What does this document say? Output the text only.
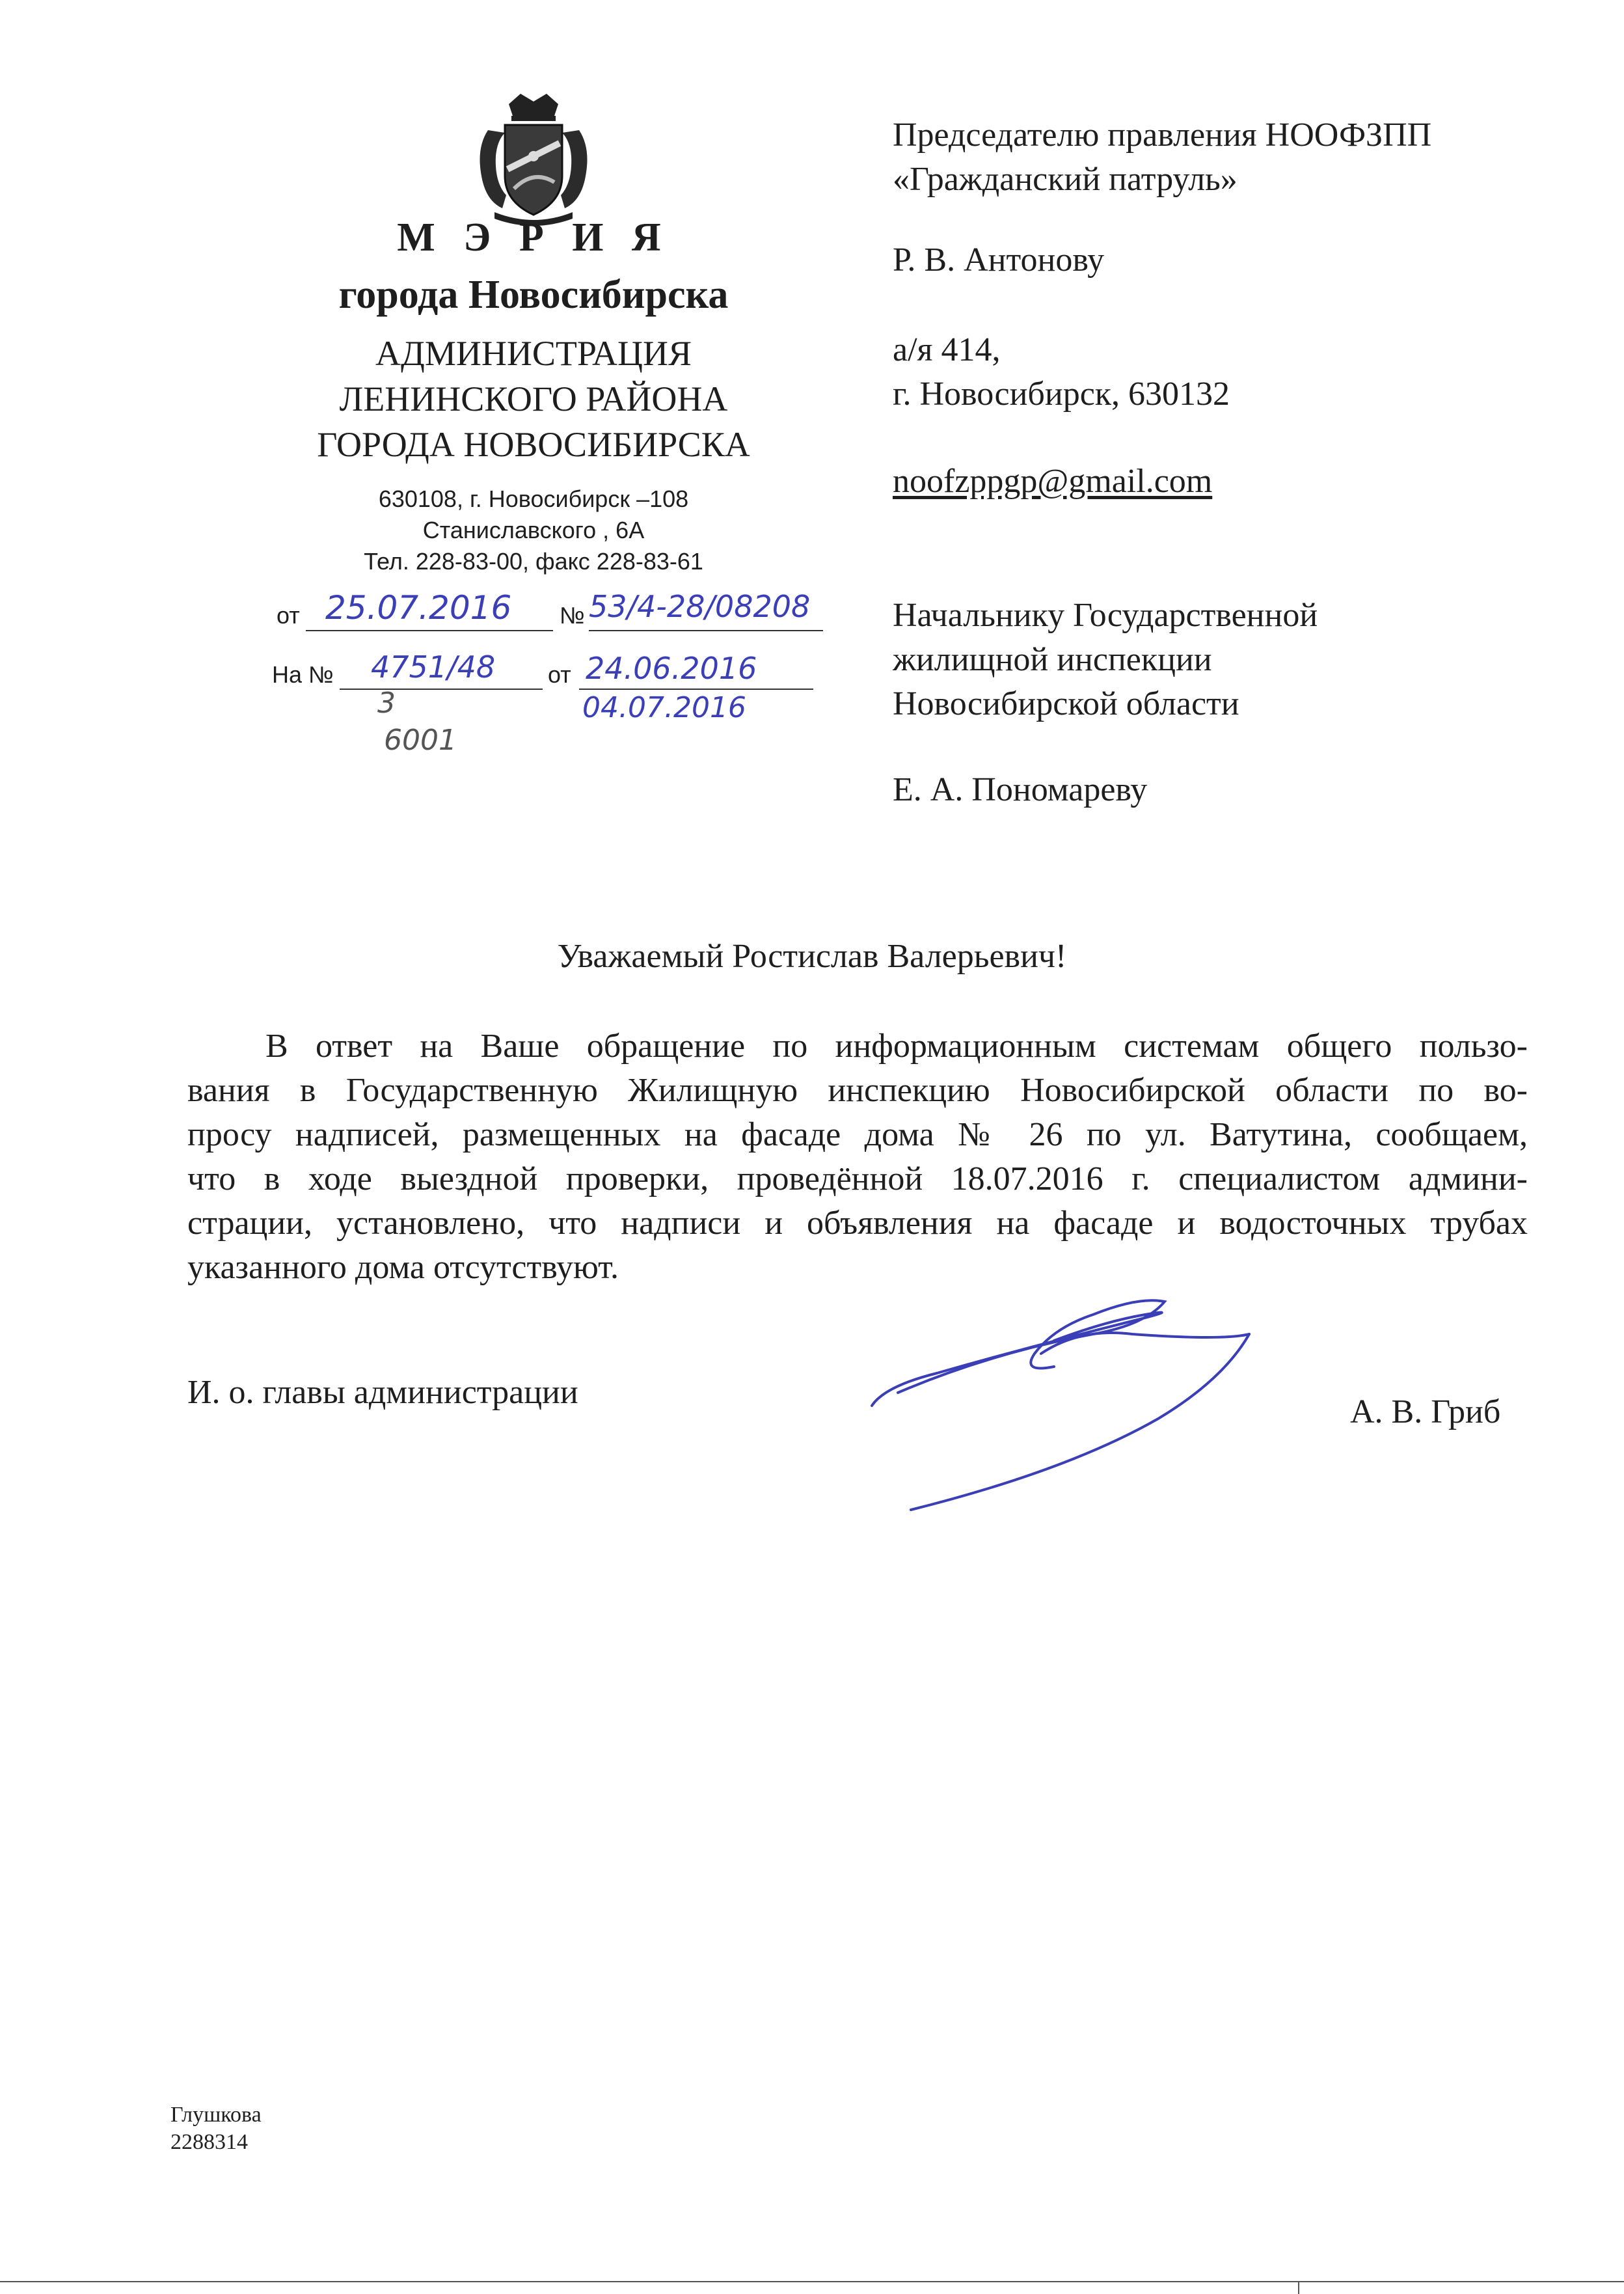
М Э Р И Я
города Новосибирска
АДМИНИСТРАЦИЯ
ЛЕНИНСКОГО РАЙОНА
ГОРОДА НОВОСИБИРСКА
630108, г. Новосибирск –108
Станиславского , 6А
Тел. 228-83-00, факс 228-83-61
от 25.07.2016 № 53/4-28/08208
На № 4751/48 от 24.06.2016
04.07.2016
3
6001
Председателю правления НООФЗПП
«Гражданский патруль»
Р. В. Антонову
а/я 414,
г. Новосибирск, 630132
noofzppgp@gmail.com
Начальнику Государственной
жилищной инспекции
Новосибирской области
Е. А. Пономареву
Уважаемый Ростислав Валерьевич!
В ответ на Ваше обращение по информационным системам общего пользо-
вания в Государственную Жилищную инспекцию Новосибирской области по во-
просу надписей, размещенных на фасаде дома № 26 по ул. Ватутина, сообщаем,
что в ходе выездной проверки, проведённой 18.07.2016 г. специалистом админи-
страции, установлено, что надписи и объявления на фасаде и водосточных трубах
указанного дома отсутствуют.
И. о. главы администрации
А. В. Гриб
Глушкова
2288314
